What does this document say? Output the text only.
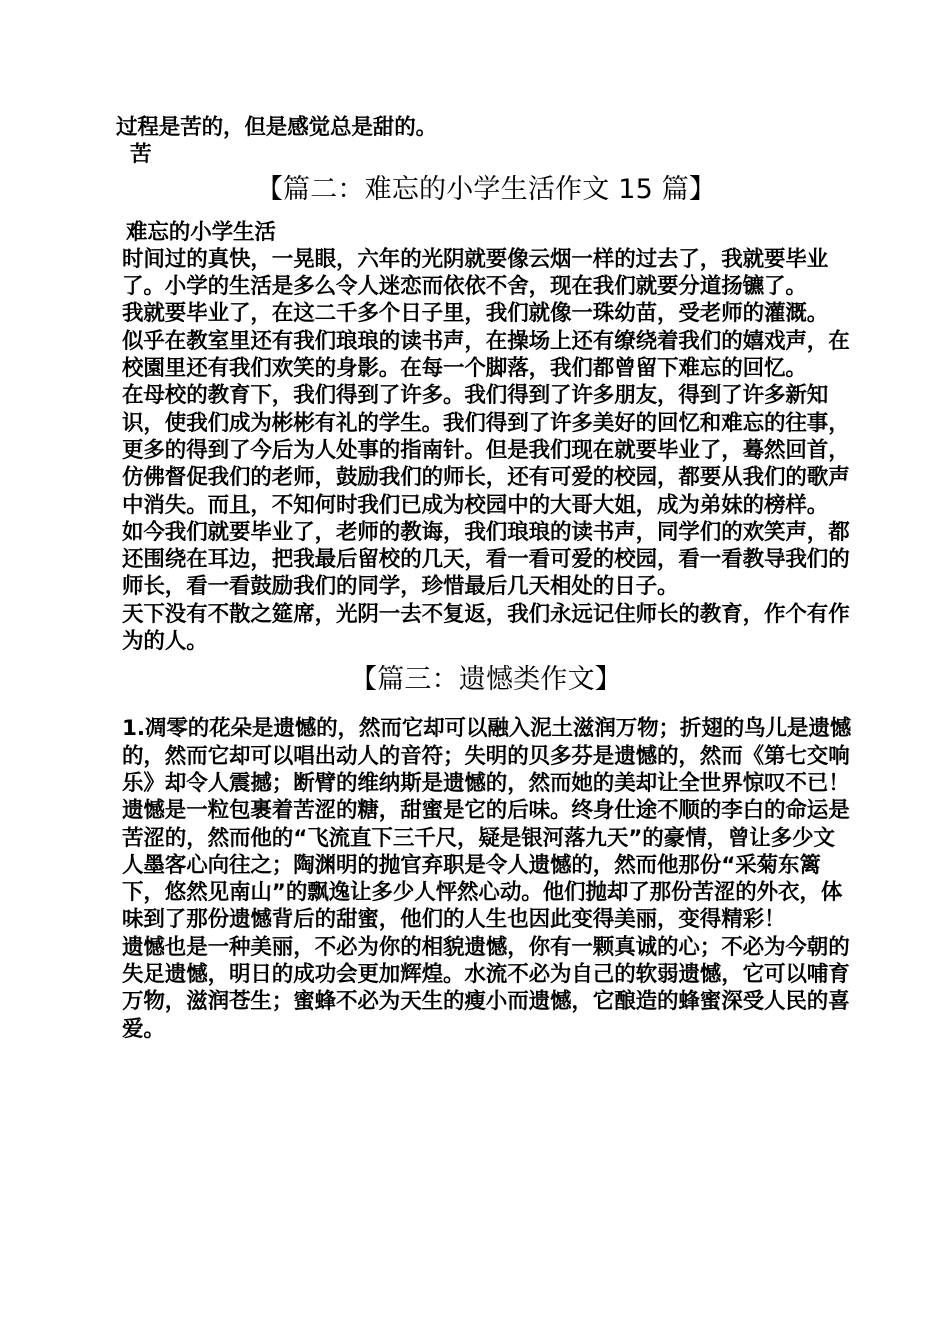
过程是苦的，但是感觉总是甜的。

苦

【篇二：难忘的小学生活作文 15 篇】

难忘的小学生活

时间过的真快，一晃眼，六年的光阴就要像云烟一样的过去了，我就要毕业了。小学的生活是多么令人迷恋而依依不舍，现在我们就要分道扬镳了。

我就要毕业了，在这二千多个日子里，我们就像一珠幼苗，受老师的灌溉。 似乎在教室里还有我们琅琅的读书声，在操场上还有缭绕着我们的嬉戏声，在校園里还有我们欢笑的身影。在每一个脚落，我们都曾留下难忘的回忆。

在母校的教育下，我们得到了许多。我们得到了许多朋友，得到了许多新知识，使我们成为彬彬有礼的学生。我们得到了许多美好的回忆和难忘的往事，更多的得到了今后为人处事的指南针。但是我们现在就要毕业了，蓦然回首，仿佛督促我们的老师，鼓励我们的师长，还有可爱的校园，都要从我们的歌声中消失。而且，不知何时我们已成为校园中的大哥大姐，成为弟妹的榜样。

如今我们就要毕业了，老师的教诲，我们琅琅的读书声，同学们的欢笑声，都还围绕在耳边，把我最后留校的几天，看一看可爱的校园，看一看教导我们的师长，看一看鼓励我们的同学，珍惜最后几天相处的日子。

天下没有不散之筵席，光阴一去不复返，我们永远记住师长的教育，作个有作为的人。

【篇三：遗憾类作文】

1.凋零的花朵是遗憾的，然而它却可以融入泥土滋润万物；折翅的鸟儿是遗憾的，然而它却可以唱出动人的音符；失明的贝多芬是遗憾的，然而《第七交响乐》却令人震撼；断臂的维纳斯是遗憾的，然而她的美却让全世界惊叹不已！

遗憾是一粒包裹着苦涩的糖，甜蜜是它的后味。终身仕途不顺的李白的命运是苦涩的，然而他的“飞流直下三千尺，疑是银河落九天”的豪情，曾让多少文人墨客心向往之；陶渊明的抛官弃职是令人遗憾的，然而他那份“采菊东篱下，悠然见南山”的飘逸让多少人怦然心动。他们抛却了那份苦涩的外衣，体味到了那份遗憾背后的甜蜜，他们的人生也因此变得美丽，变得精彩！

遗憾也是一种美丽，不必为你的相貌遗憾，你有一颗真诚的心；不必为今朝的失足遗憾，明日的成功会更加辉煌。水流不必为自己的软弱遗憾，它可以哺育万物，滋润苍生；蜜蜂不必为天生的瘦小而遗憾，它酿造的蜂蜜深受人民的喜爱。
